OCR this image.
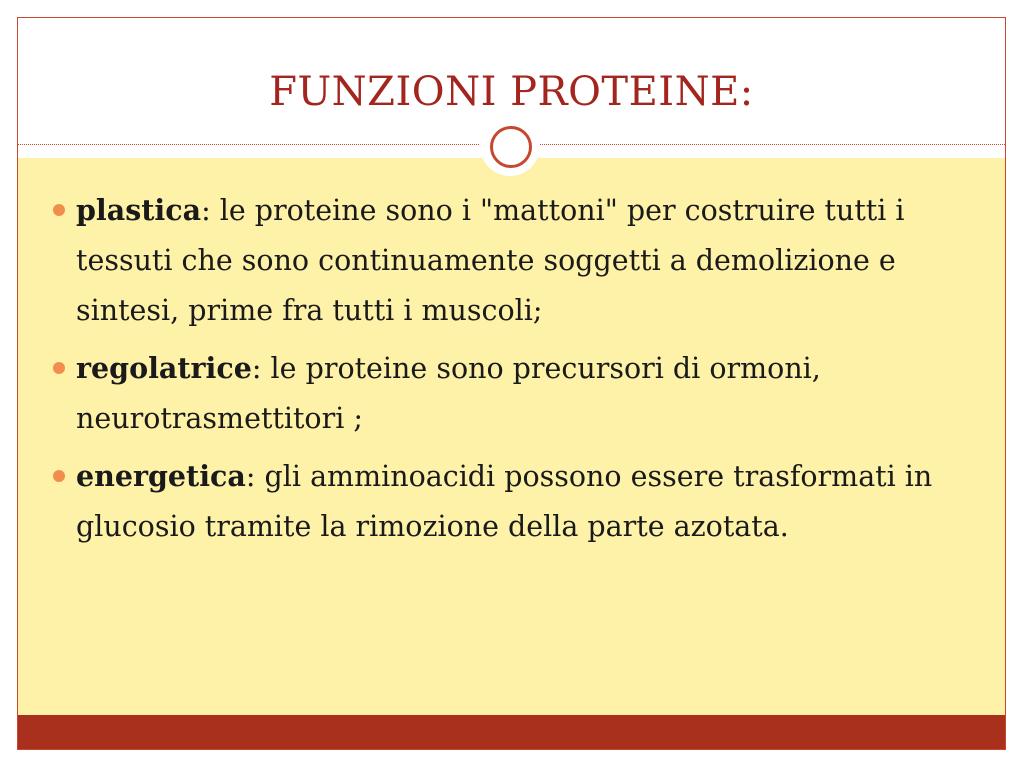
FUNZIONI PROTEINE:
plastica: le proteine sono i "mattoni" per costruire tutti i tessuti che sono continuamente soggetti a demolizione e sintesi, prime fra tutti i muscoli;
regolatrice: le proteine sono precursori di ormoni, neurotrasmettitori ;
energetica: gli amminoacidi possono essere trasformati in glucosio tramite la rimozione della parte azotata.
